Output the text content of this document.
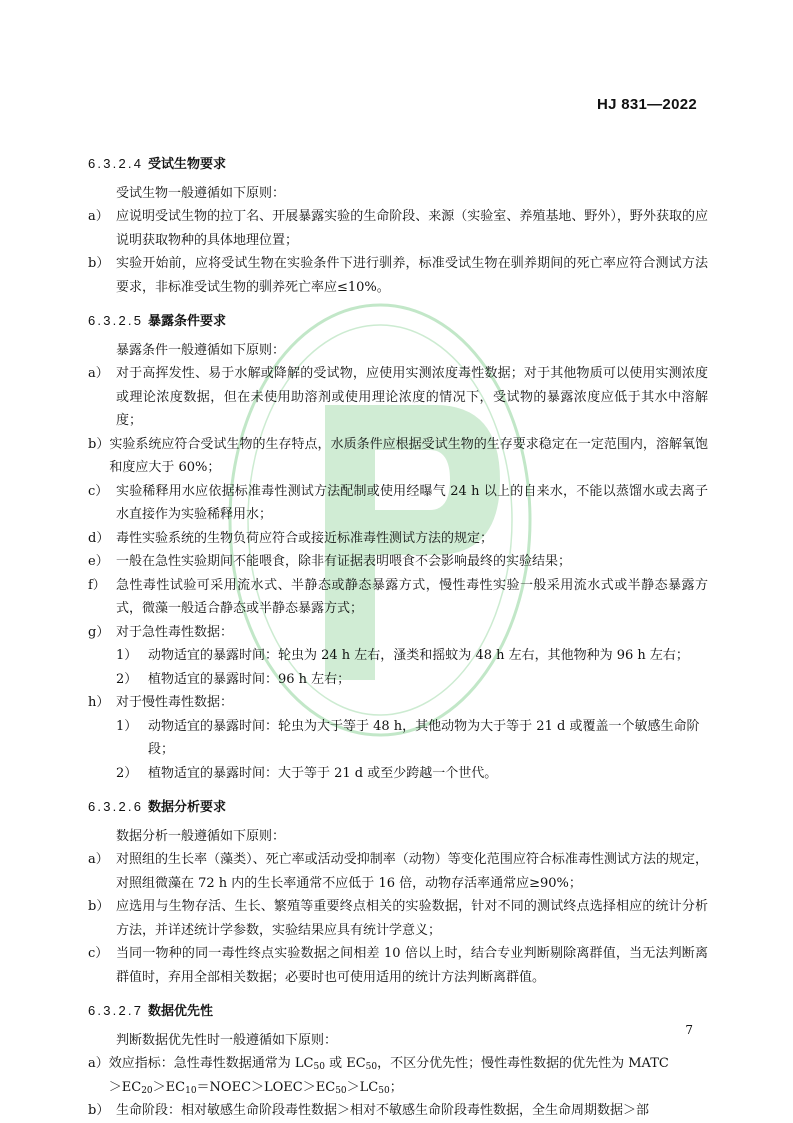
HJ 831—2022
6.3.2.4 受试生物要求

受试生物一般遵循如下原则：

a） 应说明受试生物的拉丁名、开展暴露实验的生命阶段、来源（实验室、养殖基地、野外），野外获取的应说明获取物种的具体地理位置；
b） 实验开始前，应将受试生物在实验条件下进行驯养，标准受试生物在驯养期间的死亡率应符合测试方法要求，非标准受试生物的驯养死亡率应≤10%。
6.3.2.5 暴露条件要求

暴露条件一般遵循如下原则：

a） 对于高挥发性、易于水解或降解的受试物，应使用实测浓度毒性数据；对于其他物质可以使用实测浓度或理论浓度数据，但在未使用助溶剂或使用理论浓度的情况下，受试物的暴露浓度应低于其水中溶解度；
b） 实验系统应符合受试生物的生存特点，水质条件应根据受试生物的生存要求稳定在一定范围内，溶解氧饱和度应大于 60%；
c） 实验稀释用水应依据标准毒性测试方法配制或使用经曝气 24 h 以上的自来水，不能以蒸馏水或去离子水直接作为实验稀释用水；
d） 毒性实验系统的生物负荷应符合或接近标准毒性测试方法的规定；
e） 一般在急性实验期间不能喂食，除非有证据表明喂食不会影响最终的实验结果；
f） 急性毒性试验可采用流水式、半静态或静态暴露方式，慢性毒性实验一般采用流水式或半静态暴露方式，微藻一般适合静态或半静态暴露方式；
g） 对于急性毒性数据：
1） 动物适宜的暴露时间：轮虫为 24 h 左右，溞类和摇蚊为 48 h 左右，其他物种为 96 h 左右；
2） 植物适宜的暴露时间：96 h 左右；
h） 对于慢性毒性数据：
1） 动物适宜的暴露时间：轮虫为大于等于 48 h，其他动物为大于等于 21 d 或覆盖一个敏感生命阶段；
2） 植物适宜的暴露时间：大于等于 21 d 或至少跨越一个世代。
6.3.2.6 数据分析要求

数据分析一般遵循如下原则：

a） 对照组的生长率（藻类）、死亡率或活动受抑制率（动物）等变化范围应符合标准毒性测试方法的规定，对照组微藻在 72 h 内的生长率通常不应低于 16 倍，动物存活率通常应≥90%；
b） 应选用与生物存活、生长、繁殖等重要终点相关的实验数据，针对不同的测试终点选择相应的统计分析方法，并详述统计学参数，实验结果应具有统计学意义；
c） 当同一物种的同一毒性终点实验数据之间相差 10 倍以上时，结合专业判断剔除离群值，当无法判断离群值时，弃用全部相关数据；必要时也可使用适用的统计方法判断离群值。
6.3.2.7 数据优先性

判断数据优先性时一般遵循如下原则：

a） 效应指标：急性毒性数据通常为 $LC_{50}$ 或 $EC_{50}$，不区分优先性；慢性毒性数据的优先性为 MATC
$>EC_{20}>EC_{10}=NOEC>LOEC>EC_{50}>LC_{50}$；
b） 生命阶段：相对敏感生命阶段毒性数据＞相对不敏感生命阶段毒性数据，全生命周期数据＞部
7
